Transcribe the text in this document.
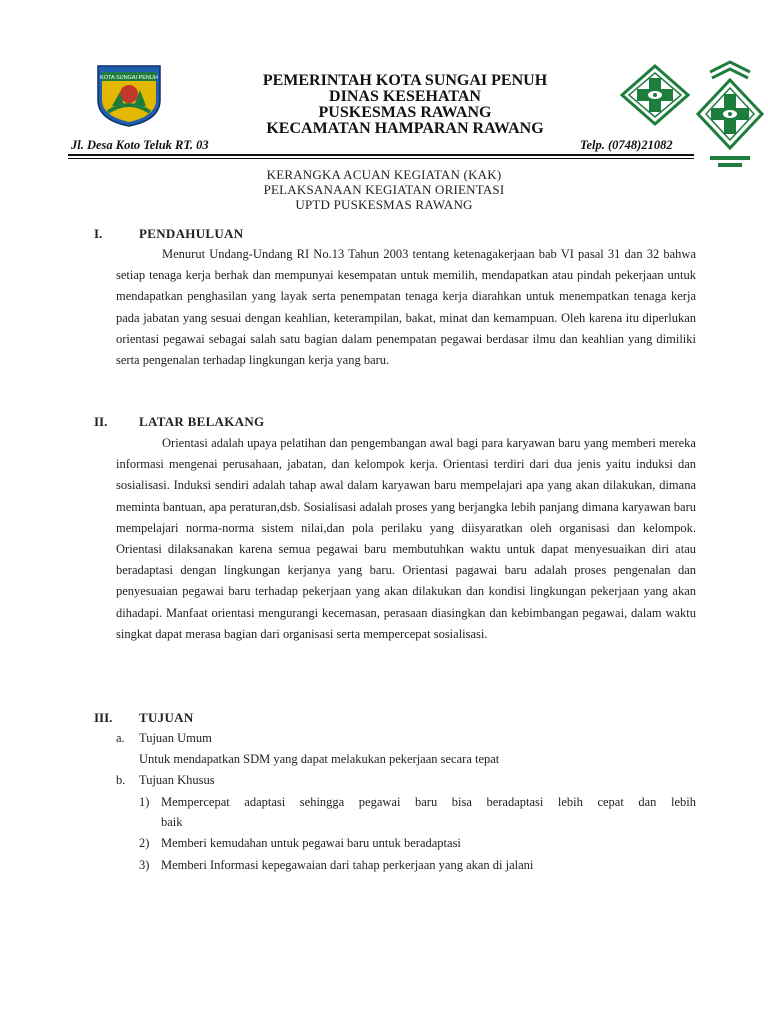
KOTA SUNGAI PENUH	PEMERINTAH KOTA SUNGAI PENUH
DINAS KESEHATAN
PUSKESMAS RAWANG
KECAMATAN HAMPARAN RAWANG
Jl. Desa Koto Teluk RT. 03	Telp. (0748)21082
KERANGKA ACUAN KEGIATAN (KAK)
PELAKSANAAN KEGIATAN ORIENTASI
UPTD PUSKESMAS RAWANG
I.	PENDAHULUAN
Menurut Undang-Undang RI No.13 Tahun 2003 tentang ketenagakerjaan bab VI pasal 31 dan 32 bahwa setiap tenaga kerja berhak dan mempunyai kesempatan untuk memilih, mendapatkan atau pindah pekerjaan untuk mendapatkan penghasilan yang layak serta penempatan tenaga kerja diarahkan untuk menempatkan tenaga kerja pada jabatan yang sesuai dengan keahlian, keterampilan, bakat, minat dan kemampuan. Oleh karena itu diperlukan orientasi pegawai sebagai salah satu bagian dalam penempatan pegawai berdasar ilmu dan keahlian yang dimiliki serta pengenalan terhadap lingkungan kerja yang baru.
II. LATAR BELAKANG
Orientasi adalah upaya pelatihan dan pengembangan awal bagi para karyawan baru yang memberi mereka informasi mengenai perusahaan, jabatan, dan kelompok kerja. Orientasi terdiri dari dua jenis yaitu induksi dan sosialisasi. Induksi sendiri adalah tahap awal dalam karyawan baru mempelajari apa yang akan dilakukan, dimana meminta bantuan, apa peraturan,dsb. Sosialisasi adalah proses yang berjangka lebih panjang dimana karyawan baru mempelajari norma-norma sistem nilai,dan pola perilaku yang diisyaratkan oleh organisasi dan kelompok. Orientasi dilaksanakan karena semua pegawai baru membutuhkan waktu untuk dapat menyesuaikan diri atau beradaptasi dengan lingkungan kerjanya yang baru. Orientasi pagawai baru adalah proses pengenalan dan penyesuaian pegawai baru terhadap pekerjaan yang akan dilakukan dan kondisi lingkungan pekerjaan yang akan dihadapi. Manfaat orientasi mengurangi kecemasan, perasaan diasingkan dan kebimbangan pegawai, dalam waktu singkat dapat merasa bagian dari organisasi serta mempercepat sosialisasi.
III. TUJUAN
a. Tujuan Umum
Untuk mendapatkan SDM yang dapat melakukan pekerjaan secara tepat
b. Tujuan Khusus
1) Mempercepat adaptasi sehingga pegawai baru bisa beradaptasi lebih cepat dan lebih
baik
2) Memberi kemudahan untuk pegawai baru untuk beradaptasi
3) Memberi Informasi kepegawaian dari tahap perkerjaan yang akan di jalani
